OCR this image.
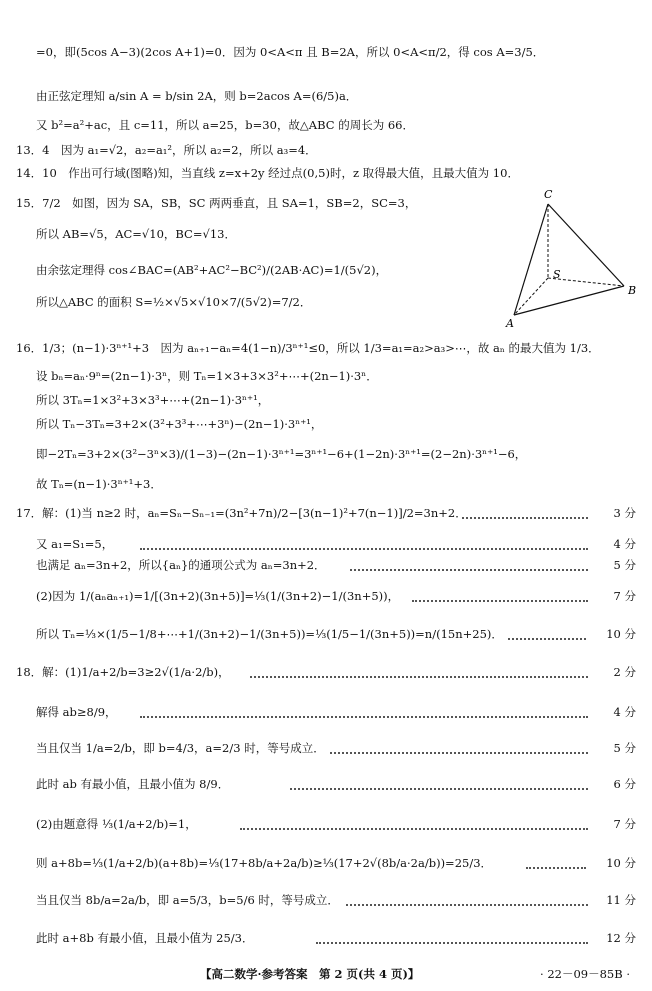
=0，即(5cos A−3)(2cos A+1)=0．因为 0<A<π 且 B=2A，所以 0<A<π/2，得 cos A=3/5．
由正弦定理知 a/sin A = b/sin 2A，则 b=2acos A=(6/5)a．
又 b²=a²+ac，且 c=11，所以 a=25，b=30，故△ABC 的周长为 66．
13．4　因为 a₁=√2，a₂=a₁²，所以 a₂=2，所以 a₃=4．
14．10　作出可行域(图略)知，当直线 z=x+2y 经过点(0,5)时，z 取得最大值，且最大值为 10．
15．7/2　如图，因为 SA，SB，SC 两两垂直，且 SA=1，SB=2，SC=3，
所以 AB=√5，AC=√10，BC=√13．
由余弦定理得 cos∠BAC=(AB²+AC²−BC²)/(2AB·AC)=1/(5√2)，
所以△ABC 的面积 S=½×√5×√10×7/(5√2)=7/2．
C
S
B
A
16．1/3；(n−1)·3ⁿ⁺¹+3　因为 aₙ₊₁−aₙ=4(1−n)/3ⁿ⁺¹≤0，所以 1/3=a₁=a₂>a₃>⋯，故 aₙ 的最大值为 1/3．
设 bₙ=aₙ·9ⁿ=(2n−1)·3ⁿ，则 Tₙ=1×3+3×3²+⋯+(2n−1)·3ⁿ．
所以 3Tₙ=1×3²+3×3³+⋯+(2n−1)·3ⁿ⁺¹，
所以 Tₙ−3Tₙ=3+2×(3²+3³+⋯+3ⁿ)−(2n−1)·3ⁿ⁺¹，
即−2Tₙ=3+2×(3²−3ⁿ×3)/(1−3)−(2n−1)·3ⁿ⁺¹=3ⁿ⁺¹−6+(1−2n)·3ⁿ⁺¹=(2−2n)·3ⁿ⁺¹−6，
故 Tₙ=(n−1)·3ⁿ⁺¹+3．
17．解：(1)当 n≥2 时，aₙ=Sₙ−Sₙ₋₁=(3n²+7n)/2−[3(n−1)²+7(n−1)]/2=3n+2．	3 分
又 a₁=S₁=5，	4 分
也满足 aₙ=3n+2，所以{aₙ}的通项公式为 aₙ=3n+2．	5 分
(2)因为 1/(aₙaₙ₊₁)=1/[(3n+2)(3n+5)]=⅓(1/(3n+2)−1/(3n+5))，	7 分
所以 Tₙ=⅓×(1/5−1/8+⋯+1/(3n+2)−1/(3n+5))=⅓(1/5−1/(3n+5))=n/(15n+25)．	10 分
18．解：(1)1/a+2/b=3≥2√(1/a·2/b)，	2 分
解得 ab≥8/9，	4 分
当且仅当 1/a=2/b，即 b=4/3，a=2/3 时，等号成立．	5 分
此时 ab 有最小值，且最小值为 8/9．	6 分
(2)由题意得 ⅓(1/a+2/b)=1，	7 分
则 a+8b=⅓(1/a+2/b)(a+8b)=⅓(17+8b/a+2a/b)≥⅓(17+2√(8b/a·2a/b))=25/3．	10 分
当且仅当 8b/a=2a/b，即 a=5/3，b=5/6 时，等号成立．	11 分
此时 a+8b 有最小值，且最小值为 25/3．	12 分
【高二数学·参考答案　第 2 页(共 4 页)】	· 22－09－85B ·
